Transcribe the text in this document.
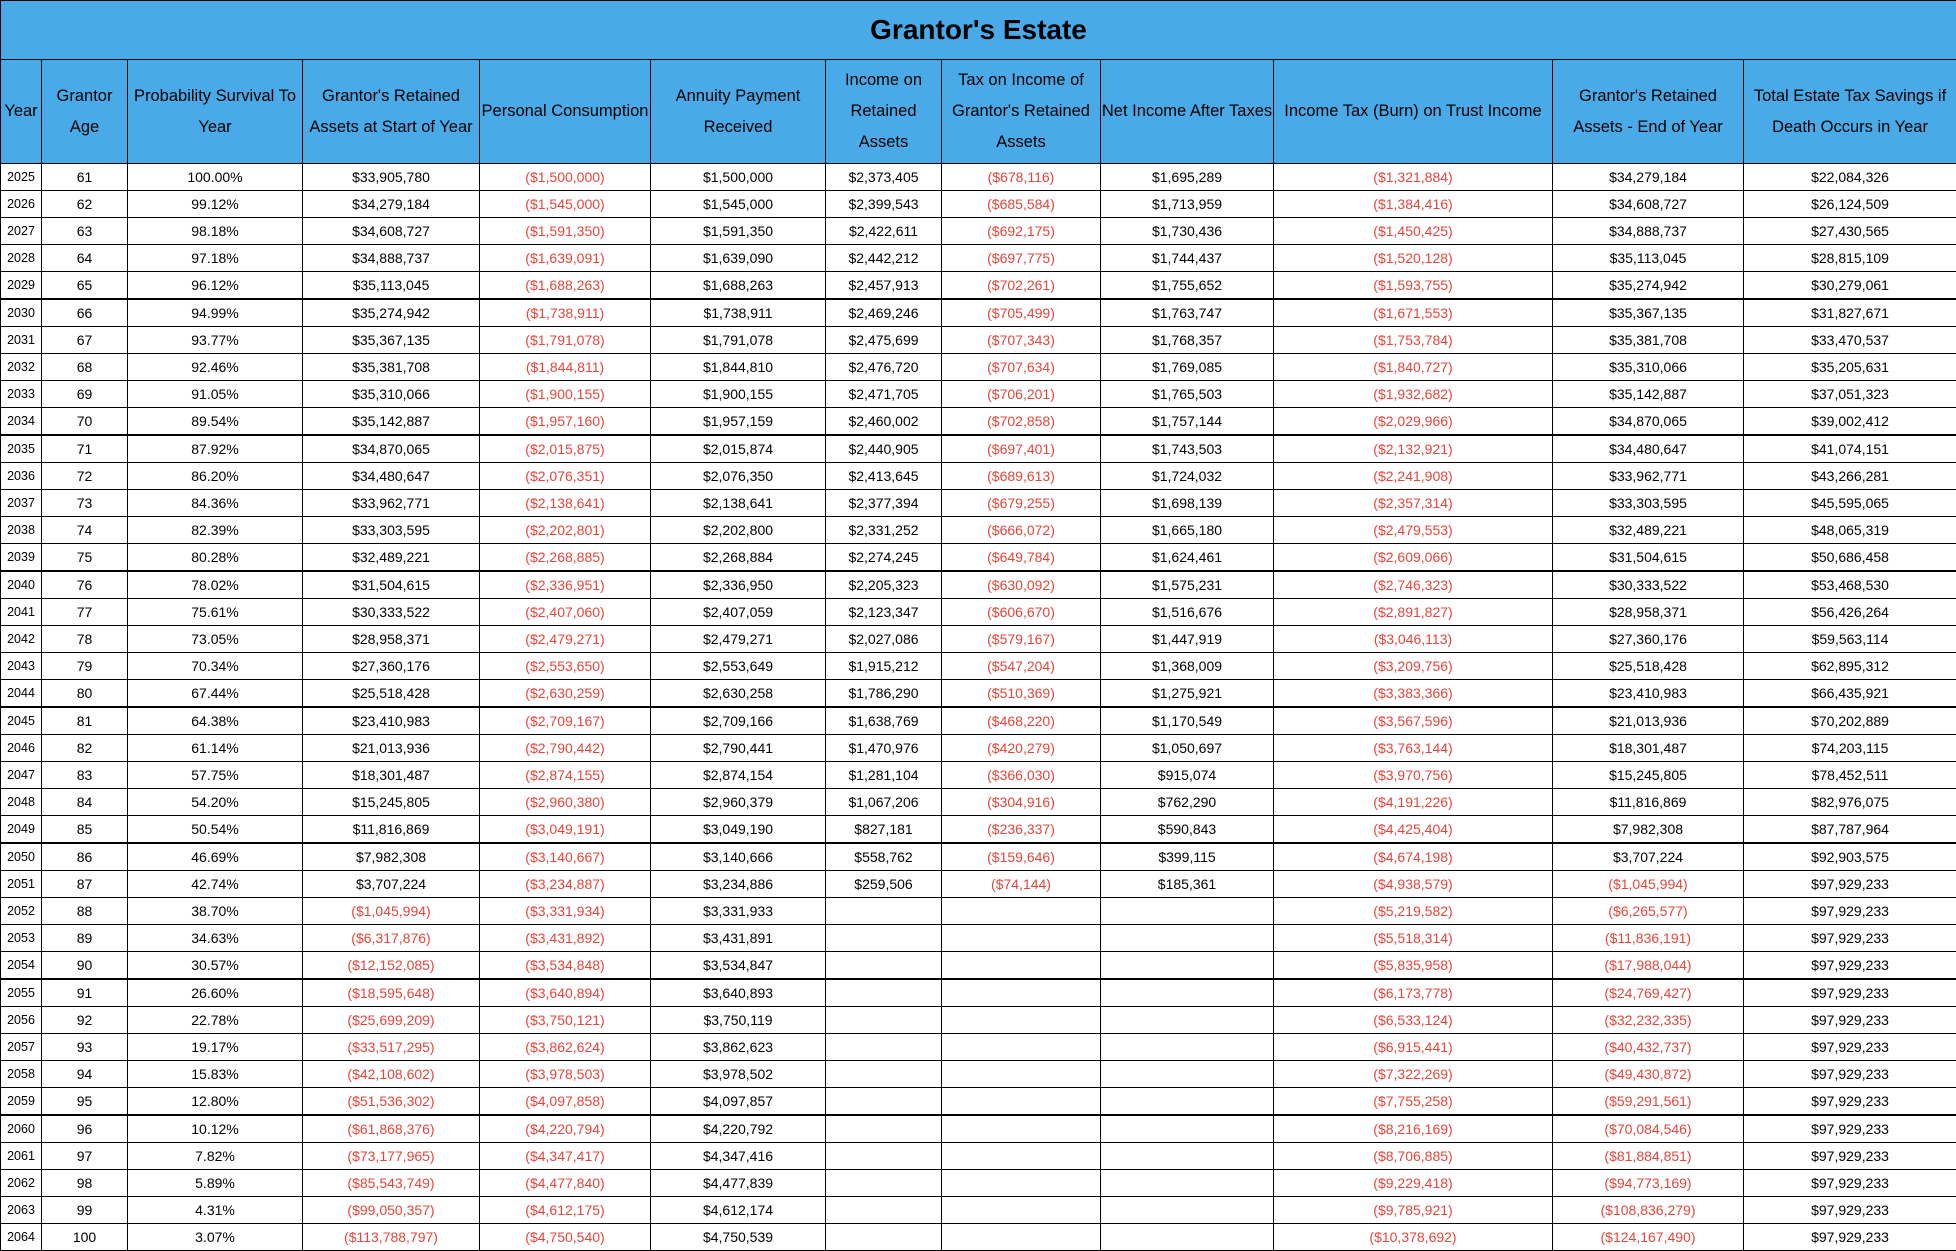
Grantor's Estate											
Year	Grantor Age	Probability Survival To Year	Grantor's Retained Assets at Start of Year	Personal Consumption	Annuity Payment Received	Income on Retained Assets	Tax on Income of Grantor's Retained Assets	Net Income After Taxes	Income Tax (Burn) on Trust Income	Grantor's Retained Assets - End of Year	Total Estate Tax Savings if Death Occurs in Year
2025	61	100.00%	$33,905,780	($1,500,000)	$1,500,000	$2,373,405	($678,116)	$1,695,289	($1,321,884)	$34,279,184	$22,084,326
2026	62	99.12%	$34,279,184	($1,545,000)	$1,545,000	$2,399,543	($685,584)	$1,713,959	($1,384,416)	$34,608,727	$26,124,509
2027	63	98.18%	$34,608,727	($1,591,350)	$1,591,350	$2,422,611	($692,175)	$1,730,436	($1,450,425)	$34,888,737	$27,430,565
2028	64	97.18%	$34,888,737	($1,639,091)	$1,639,090	$2,442,212	($697,775)	$1,744,437	($1,520,128)	$35,113,045	$28,815,109
2029	65	96.12%	$35,113,045	($1,688,263)	$1,688,263	$2,457,913	($702,261)	$1,755,652	($1,593,755)	$35,274,942	$30,279,061
2030	66	94.99%	$35,274,942	($1,738,911)	$1,738,911	$2,469,246	($705,499)	$1,763,747	($1,671,553)	$35,367,135	$31,827,671
2031	67	93.77%	$35,367,135	($1,791,078)	$1,791,078	$2,475,699	($707,343)	$1,768,357	($1,753,784)	$35,381,708	$33,470,537
2032	68	92.46%	$35,381,708	($1,844,811)	$1,844,810	$2,476,720	($707,634)	$1,769,085	($1,840,727)	$35,310,066	$35,205,631
2033	69	91.05%	$35,310,066	($1,900,155)	$1,900,155	$2,471,705	($706,201)	$1,765,503	($1,932,682)	$35,142,887	$37,051,323
2034	70	89.54%	$35,142,887	($1,957,160)	$1,957,159	$2,460,002	($702,858)	$1,757,144	($2,029,966)	$34,870,065	$39,002,412
2035	71	87.92%	$34,870,065	($2,015,875)	$2,015,874	$2,440,905	($697,401)	$1,743,503	($2,132,921)	$34,480,647	$41,074,151
2036	72	86.20%	$34,480,647	($2,076,351)	$2,076,350	$2,413,645	($689,613)	$1,724,032	($2,241,908)	$33,962,771	$43,266,281
2037	73	84.36%	$33,962,771	($2,138,641)	$2,138,641	$2,377,394	($679,255)	$1,698,139	($2,357,314)	$33,303,595	$45,595,065
2038	74	82.39%	$33,303,595	($2,202,801)	$2,202,800	$2,331,252	($666,072)	$1,665,180	($2,479,553)	$32,489,221	$48,065,319
2039	75	80.28%	$32,489,221	($2,268,885)	$2,268,884	$2,274,245	($649,784)	$1,624,461	($2,609,066)	$31,504,615	$50,686,458
2040	76	78.02%	$31,504,615	($2,336,951)	$2,336,950	$2,205,323	($630,092)	$1,575,231	($2,746,323)	$30,333,522	$53,468,530
2041	77	75.61%	$30,333,522	($2,407,060)	$2,407,059	$2,123,347	($606,670)	$1,516,676	($2,891,827)	$28,958,371	$56,426,264
2042	78	73.05%	$28,958,371	($2,479,271)	$2,479,271	$2,027,086	($579,167)	$1,447,919	($3,046,113)	$27,360,176	$59,563,114
2043	79	70.34%	$27,360,176	($2,553,650)	$2,553,649	$1,915,212	($547,204)	$1,368,009	($3,209,756)	$25,518,428	$62,895,312
2044	80	67.44%	$25,518,428	($2,630,259)	$2,630,258	$1,786,290	($510,369)	$1,275,921	($3,383,366)	$23,410,983	$66,435,921
2045	81	64.38%	$23,410,983	($2,709,167)	$2,709,166	$1,638,769	($468,220)	$1,170,549	($3,567,596)	$21,013,936	$70,202,889
2046	82	61.14%	$21,013,936	($2,790,442)	$2,790,441	$1,470,976	($420,279)	$1,050,697	($3,763,144)	$18,301,487	$74,203,115
2047	83	57.75%	$18,301,487	($2,874,155)	$2,874,154	$1,281,104	($366,030)	$915,074	($3,970,756)	$15,245,805	$78,452,511
2048	84	54.20%	$15,245,805	($2,960,380)	$2,960,379	$1,067,206	($304,916)	$762,290	($4,191,226)	$11,816,869	$82,976,075
2049	85	50.54%	$11,816,869	($3,049,191)	$3,049,190	$827,181	($236,337)	$590,843	($4,425,404)	$7,982,308	$87,787,964
2050	86	46.69%	$7,982,308	($3,140,667)	$3,140,666	$558,762	($159,646)	$399,115	($4,674,198)	$3,707,224	$92,903,575
2051	87	42.74%	$3,707,224	($3,234,887)	$3,234,886	$259,506	($74,144)	$185,361	($4,938,579)	($1,045,994)	$97,929,233
2052	88	38.70%	($1,045,994)	($3,331,934)	$3,331,933				($5,219,582)	($6,265,577)	$97,929,233
2053	89	34.63%	($6,317,876)	($3,431,892)	$3,431,891				($5,518,314)	($11,836,191)	$97,929,233
2054	90	30.57%	($12,152,085)	($3,534,848)	$3,534,847				($5,835,958)	($17,988,044)	$97,929,233
2055	91	26.60%	($18,595,648)	($3,640,894)	$3,640,893				($6,173,778)	($24,769,427)	$97,929,233
2056	92	22.78%	($25,699,209)	($3,750,121)	$3,750,119				($6,533,124)	($32,232,335)	$97,929,233
2057	93	19.17%	($33,517,295)	($3,862,624)	$3,862,623				($6,915,441)	($40,432,737)	$97,929,233
2058	94	15.83%	($42,108,602)	($3,978,503)	$3,978,502				($7,322,269)	($49,430,872)	$97,929,233
2059	95	12.80%	($51,536,302)	($4,097,858)	$4,097,857				($7,755,258)	($59,291,561)	$97,929,233
2060	96	10.12%	($61,868,376)	($4,220,794)	$4,220,792				($8,216,169)	($70,084,546)	$97,929,233
2061	97	7.82%	($73,177,965)	($4,347,417)	$4,347,416				($8,706,885)	($81,884,851)	$97,929,233
2062	98	5.89%	($85,543,749)	($4,477,840)	$4,477,839				($9,229,418)	($94,773,169)	$97,929,233
2063	99	4.31%	($99,050,357)	($4,612,175)	$4,612,174				($9,785,921)	($108,836,279)	$97,929,233
2064	100	3.07%	($113,788,797)	($4,750,540)	$4,750,539				($10,378,692)	($124,167,490)	$97,929,233
